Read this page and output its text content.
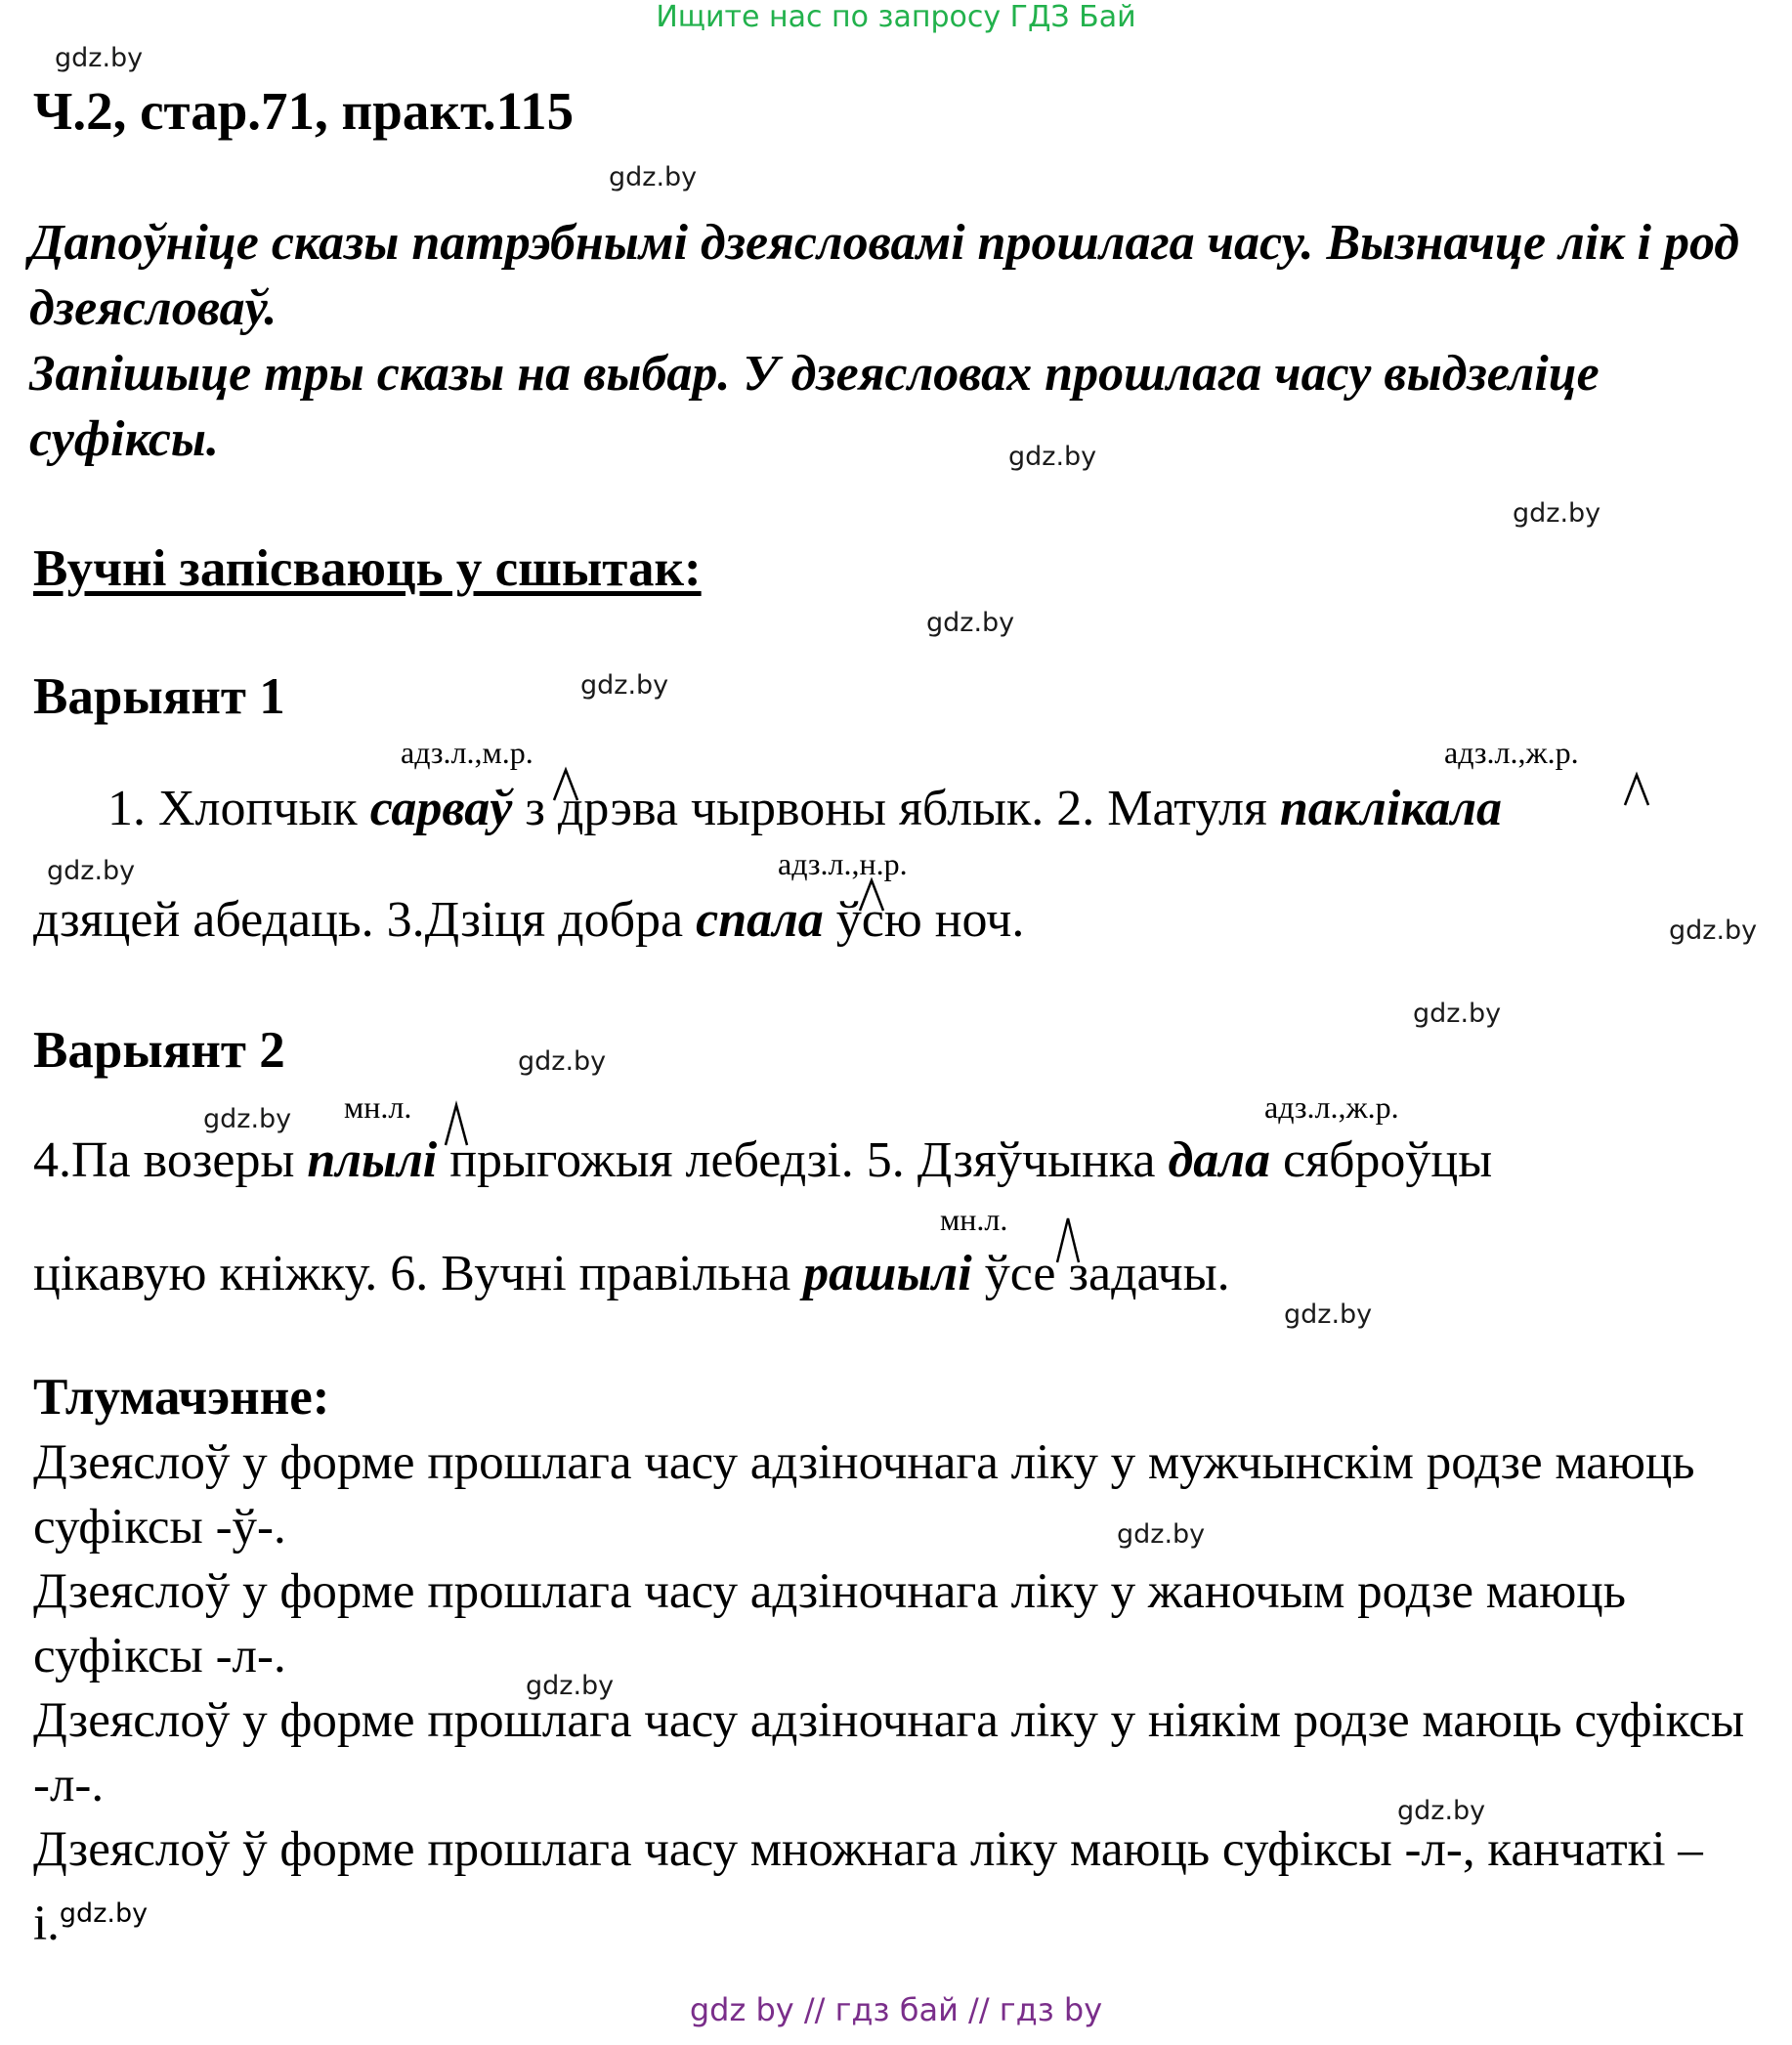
Ищите нас по запросу ГДЗ Бай
gdz.by
gdz.by
gdz.by
gdz.by
gdz.by
gdz.by
gdz.by
gdz.by
gdz.by
gdz.by
gdz.by
gdz.by
gdz.by
gdz.by
gdz.by
Ч.2, стар.71, практ.115

Дапоўніце сказы патрэбнымі дзеясловамі прошлага часу. Вызначце лік і род дзеясловаў.

Запішыце тры сказы на выбар. У дзеясловах прошлага часу выдзеліце суфіксы.

Вучні запісваюць у сшытак:
Варыянт 1
адз.л.,м.р.	адз.л.,ж.р.
1. Хлопчык сарваў з дрэва чырвоны яблык. 2. Матуля паклікала
адз.л.,н.р.
дзяцей абедаць. 3.Дзіця добра спала ўсю ноч.
Варыянт 2
мн.л.	адз.л.,ж.р.
4.Па возеры плылі прыгожыя лебедзі. 5. Дзяўчынка дала сяброўцы
мн.л.
цікавую кніжку. 6. Вучні правільна рашылі ўсе задачы.
Тлумачэнне:

Дзеяслоў у форме прошлага часу адзіночнага ліку у мужчынскім родзе маюць суфіксы -ў-.

Дзеяслоў у форме прошлага часу адзіночнага ліку у жаночым родзе маюць суфіксы -л-.

Дзеяслоў у форме прошлага часу адзіночнага ліку у ніякім родзе маюць суфіксы -л-.

Дзеяслоў ў форме прошлага часу множнага ліку маюць суфіксы -л-, канчаткі – і.$^{gdz.by}$

gdz by // гдз бай // гдз by
